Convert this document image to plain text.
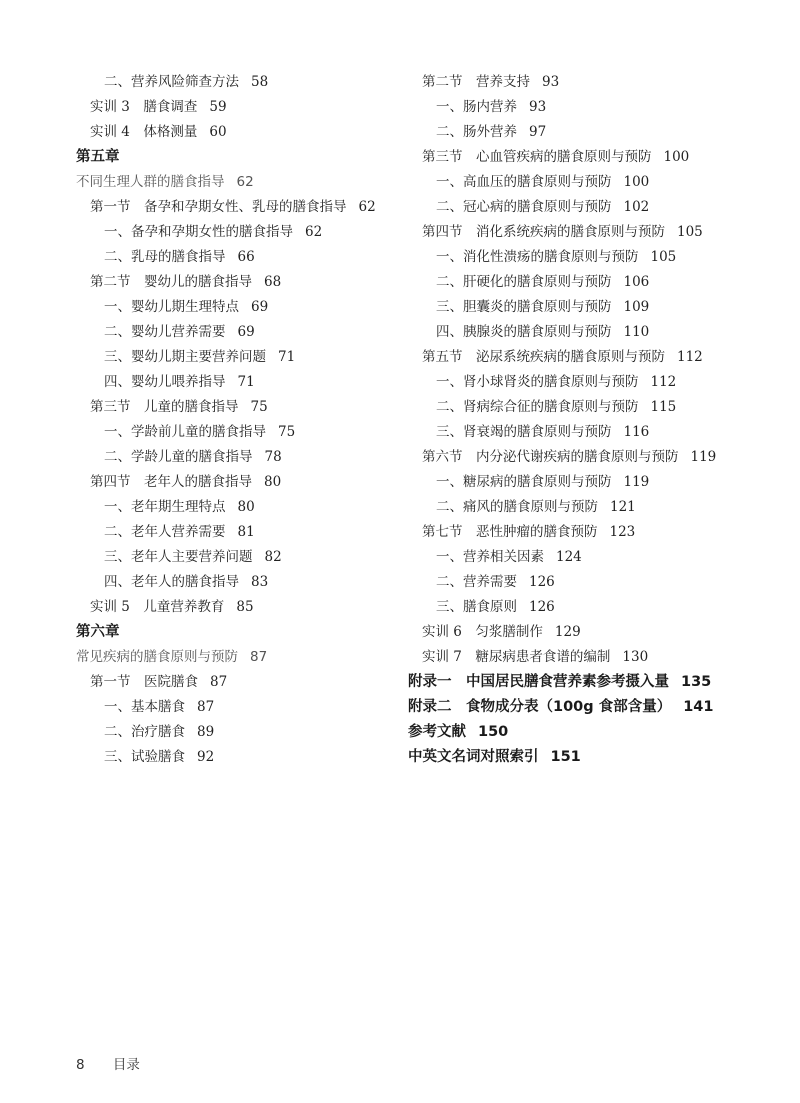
二、营养风险筛查方法 58
实训 3　膳食调查 59
实训 4　体格测量 60
第五章
不同生理人群的膳食指导 62
第一节　备孕和孕期女性、乳母的膳食指导 62
一、备孕和孕期女性的膳食指导 62
二、乳母的膳食指导 66
第二节　婴幼儿的膳食指导 68
一、婴幼儿期生理特点 69
二、婴幼儿营养需要 69
三、婴幼儿期主要营养问题 71
四、婴幼儿喂养指导 71
第三节　儿童的膳食指导 75
一、学龄前儿童的膳食指导 75
二、学龄儿童的膳食指导 78
第四节　老年人的膳食指导 80
一、老年期生理特点 80
二、老年人营养需要 81
三、老年人主要营养问题 82
四、老年人的膳食指导 83
实训 5　儿童营养教育 85
第六章
常见疾病的膳食原则与预防 87
第一节　医院膳食 87
一、基本膳食 87
二、治疗膳食 89
三、试验膳食 92
第二节　营养支持 93
一、肠内营养 93
二、肠外营养 97
第三节　心血管疾病的膳食原则与预防 100
一、高血压的膳食原则与预防 100
二、冠心病的膳食原则与预防 102
第四节　消化系统疾病的膳食原则与预防 105
一、消化性溃疡的膳食原则与预防 105
二、肝硬化的膳食原则与预防 106
三、胆囊炎的膳食原则与预防 109
四、胰腺炎的膳食原则与预防 110
第五节　泌尿系统疾病的膳食原则与预防 112
一、肾小球肾炎的膳食原则与预防 112
二、肾病综合征的膳食原则与预防 115
三、肾衰竭的膳食原则与预防 116
第六节　内分泌代谢疾病的膳食原则与预防 119
一、糖尿病的膳食原则与预防 119
二、痛风的膳食原则与预防 121
第七节　恶性肿瘤的膳食预防 123
一、营养相关因素 124
二、营养需要 126
三、膳食原则 126
实训 6　匀浆膳制作 129
实训 7　糖尿病患者食谱的编制 130
附录一　中国居民膳食营养素参考摄入量 135
附录二　食物成分表（100g 食部含量） 141
参考文献 150
中英文名词对照索引 151
8 目录
